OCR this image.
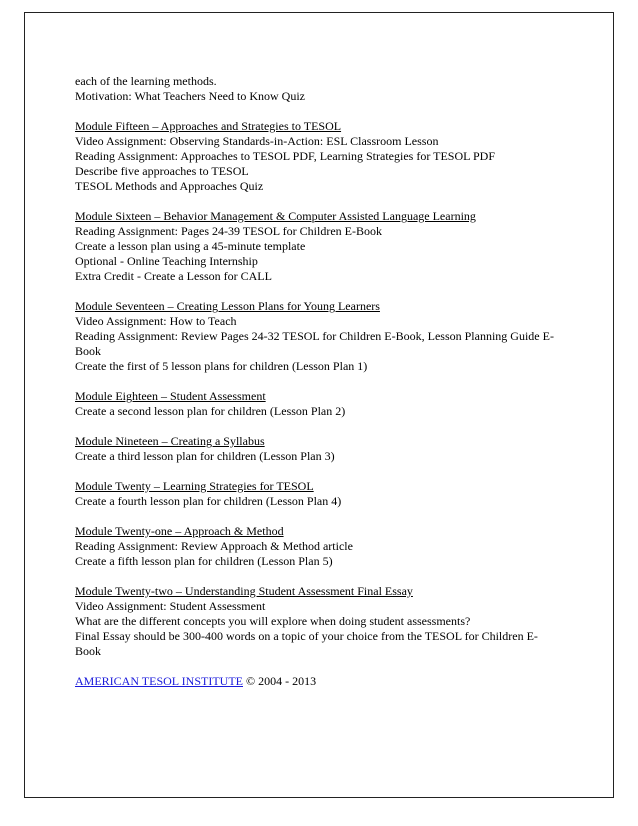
each of the learning methods.
Motivation: What Teachers Need to Know Quiz
Module Fifteen – Approaches and Strategies to TESOL
Video Assignment: Observing Standards-in-Action: ESL Classroom Lesson
Reading Assignment: Approaches to TESOL PDF, Learning Strategies for TESOL PDF
Describe five approaches to TESOL
TESOL Methods and Approaches Quiz
Module Sixteen – Behavior Management & Computer Assisted Language Learning
Reading Assignment: Pages 24-39 TESOL for Children E-Book
Create a lesson plan using a 45-minute template
Optional - Online Teaching Internship
Extra Credit - Create a Lesson for CALL
Module Seventeen – Creating Lesson Plans for Young Learners
Video Assignment: How to Teach
Reading Assignment: Review Pages 24-32 TESOL for Children E-Book, Lesson Planning Guide E-Book
Create the first of 5 lesson plans for children (Lesson Plan 1)
Module Eighteen – Student Assessment
Create a second lesson plan for children (Lesson Plan 2)
Module Nineteen – Creating a Syllabus
Create a third lesson plan for children (Lesson Plan 3)
Module Twenty – Learning Strategies for TESOL
Create a fourth lesson plan for children (Lesson Plan 4)
Module Twenty-one – Approach & Method
Reading Assignment: Review Approach & Method article
Create a fifth lesson plan for children (Lesson Plan 5)
Module Twenty-two – Understanding Student Assessment Final Essay
Video Assignment: Student Assessment
What are the different concepts you will explore when doing student assessments?
Final Essay should be 300-400 words on a topic of your choice from the TESOL for Children E-Book
AMERICAN TESOL INSTITUTE © 2004 - 2013
